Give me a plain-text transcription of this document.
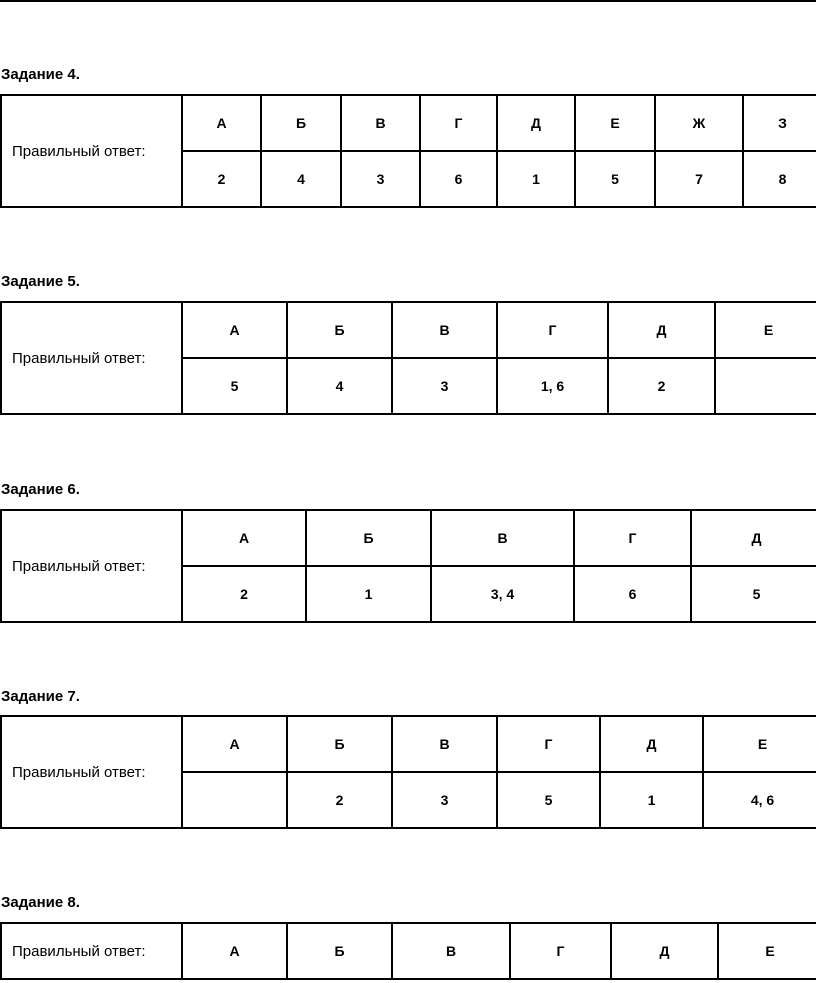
Задание 4.
Правильный ответ:	А	Б	В	Г	Д	Е	Ж	З
	2	4	3	6	1	5	7	8
Задание 5.
Правильный ответ:	А	Б	В	Г	Д	Е
	5	4	3	1, 6	2	
Задание 6.
Правильный ответ:	А	Б	В	Г	Д
	2	1	3, 4	6	5
Задание 7.
Правильный ответ:	А	Б	В	Г	Д	Е
		2	3	5	1	4, 6
Задание 8.
Правильный ответ:	А	Б	В	Г	Д	Е
